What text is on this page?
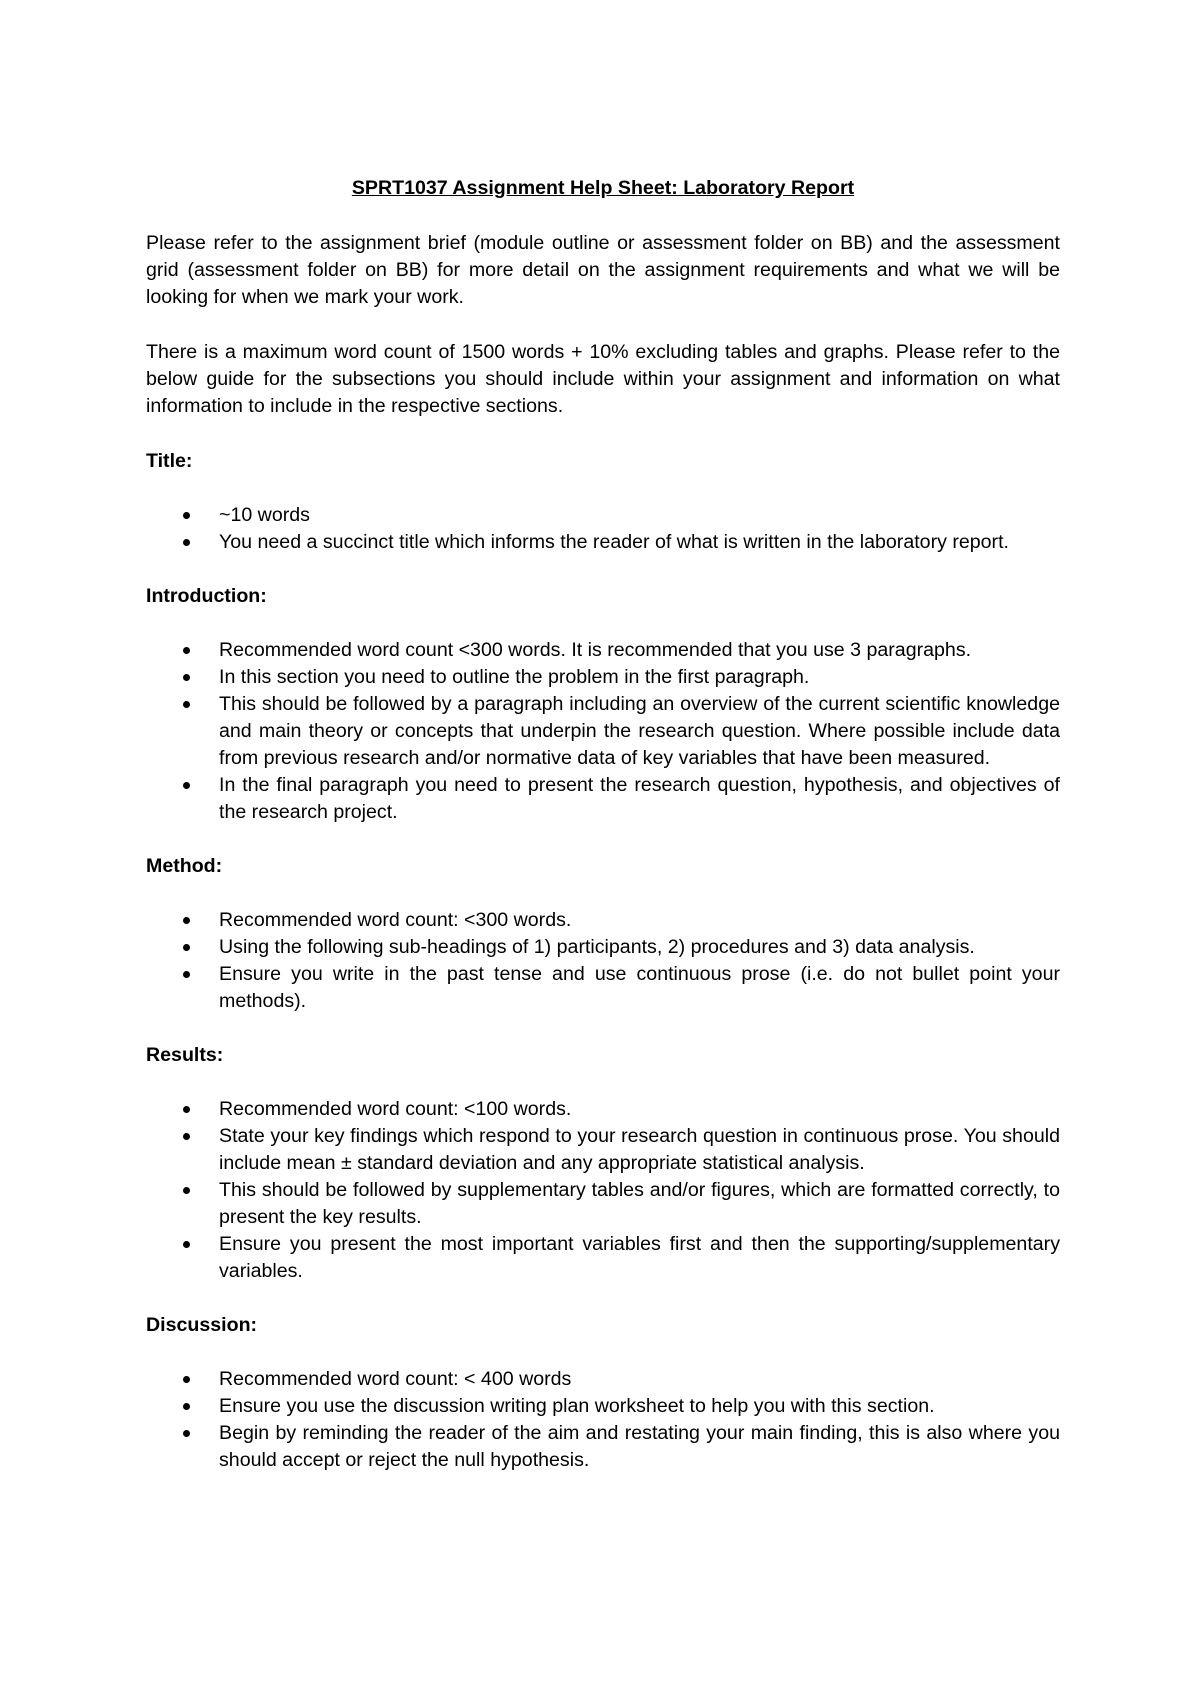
SPRT1037 Assignment Help Sheet: Laboratory Report
Please refer to the assignment brief (module outline or assessment folder on BB) and the assessment grid (assessment folder on BB) for more detail on the assignment requirements and what we will be looking for when we mark your work.
There is a maximum word count of 1500 words + 10% excluding tables and graphs. Please refer to the below guide for the subsections you should include within your assignment and information on what information to include in the respective sections.
Title:
~10 words
You need a succinct title which informs the reader of what is written in the laboratory report.
Introduction:
Recommended word count <300 words. It is recommended that you use 3 paragraphs.
In this section you need to outline the problem in the first paragraph.
This should be followed by a paragraph including an overview of the current scientific knowledge and main theory or concepts that underpin the research question. Where possible include data from previous research and/or normative data of key variables that have been measured.
In the final paragraph you need to present the research question, hypothesis, and objectives of the research project.
Method:
Recommended word count: <300 words.
Using the following sub-headings of 1) participants, 2) procedures and 3) data analysis.
Ensure you write in the past tense and use continuous prose (i.e. do not bullet point your methods).
Results:
Recommended word count: <100 words.
State your key findings which respond to your research question in continuous prose. You should include mean ± standard deviation and any appropriate statistical analysis.
This should be followed by supplementary tables and/or figures, which are formatted correctly, to present the key results.
Ensure you present the most important variables first and then the supporting/supplementary variables.
Discussion:
Recommended word count: < 400 words
Ensure you use the discussion writing plan worksheet to help you with this section.
Begin by reminding the reader of the aim and restating your main finding, this is also where you should accept or reject the null hypothesis.
